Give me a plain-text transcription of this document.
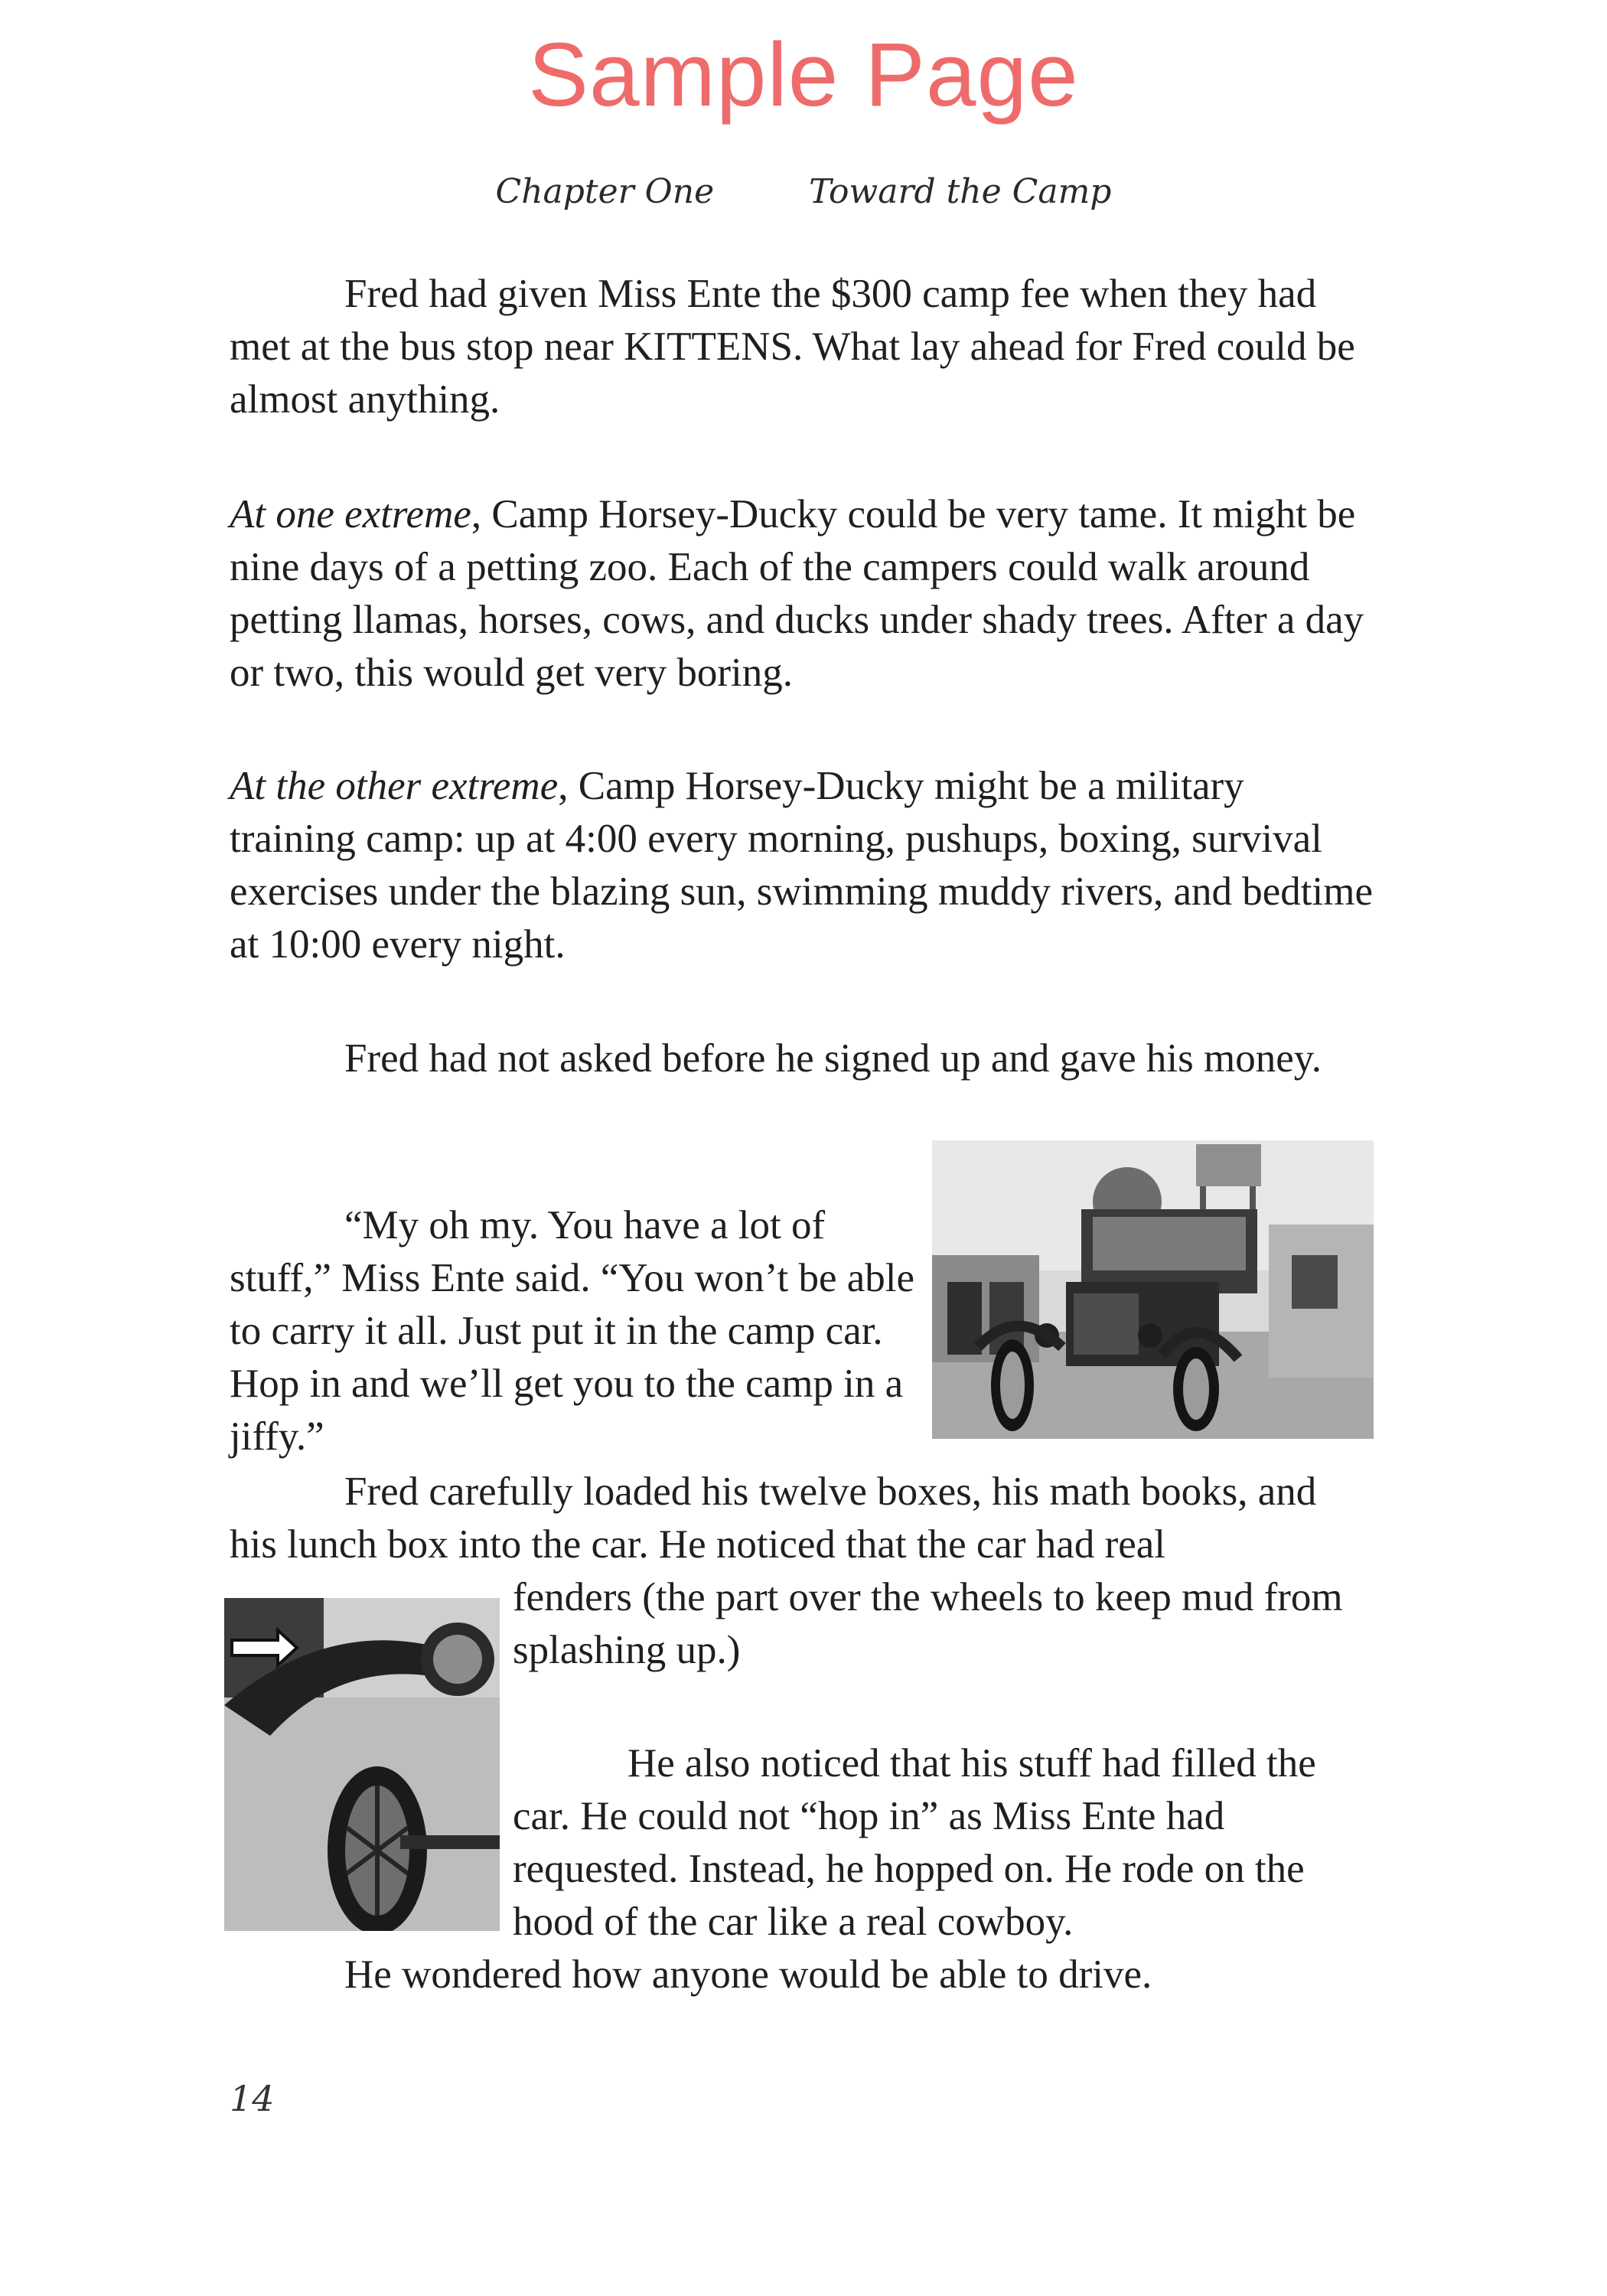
Sample Page
Chapter One	Toward the Camp

Fred had given Miss Ente the $300 camp fee when they had met at the bus stop near KITTENS. What lay ahead for Fred could be almost anything.

At one extreme, Camp Horsey-Ducky could be very tame. It might be nine days of a petting zoo. Each of the campers could walk around petting llamas, horses, cows, and ducks under shady trees. After a day or two, this would get very boring.

At the other extreme, Camp Horsey-Ducky might be a military training camp: up at 4:00 every morning, pushups, boxing, survival exercises under the blazing sun, swimming muddy rivers, and bedtime at 10:00 every night.

Fred had not asked before he signed up and gave his money.

“My oh my. You have a lot of stuff,” Miss Ente said. “You won’t be able to carry it all. Just put it in the camp car. Hop in and we’ll get you to the camp in a jiffy.”

Fred carefully loaded his twelve boxes, his math books, and his lunch box into the car. He noticed that the car had real

fenders (the part over the wheels to keep mud from splashing up.)

He also noticed that his stuff had filled the car. He could not “hop in” as Miss Ente had requested. Instead, he hopped on. He rode on the hood of the car like a real cowboy.

He wondered how anyone would be able to drive.

14
